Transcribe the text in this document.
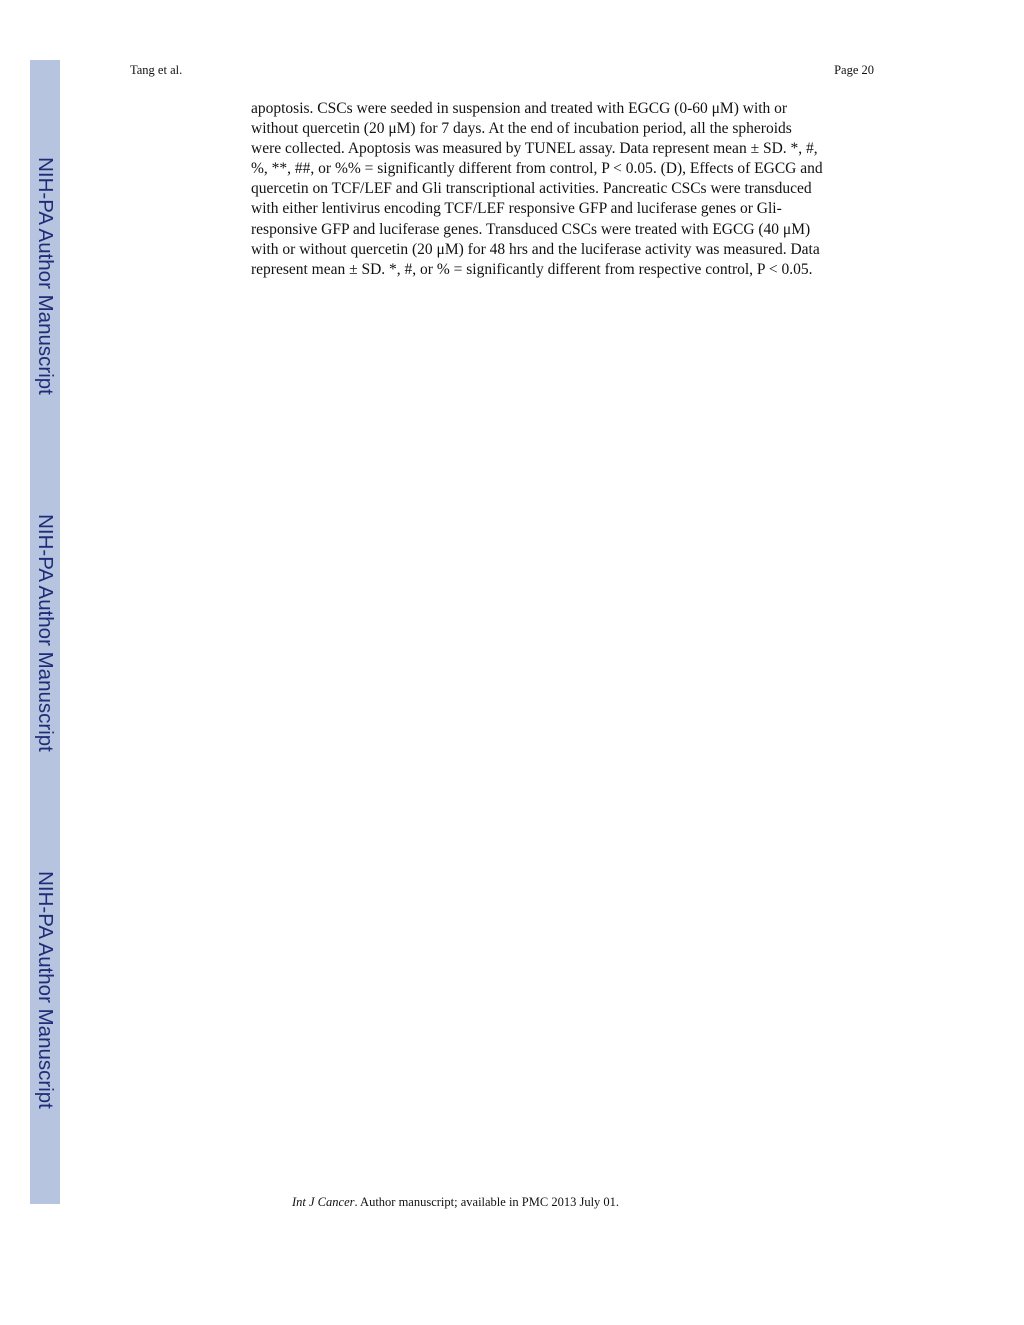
NIH-PA Author Manuscript
NIH-PA Author Manuscript
NIH-PA Author Manuscript
Tang et al.	Page 20
apoptosis. CSCs were seeded in suspension and treated with EGCG (0-60 μM) with or
without quercetin (20 μM) for 7 days. At the end of incubation period, all the spheroids
were collected. Apoptosis was measured by TUNEL assay. Data represent mean ± SD. *, #,
%, **, ##, or %% = significantly different from control, P < 0.05. (D), Effects of EGCG and
quercetin on TCF/LEF and Gli transcriptional activities. Pancreatic CSCs were transduced
with either lentivirus encoding TCF/LEF responsive GFP and luciferase genes or Gli-
responsive GFP and luciferase genes. Transduced CSCs were treated with EGCG (40 μM)
with or without quercetin (20 μM) for 48 hrs and the luciferase activity was measured. Data
represent mean ± SD. *, #, or % = significantly different from respective control, P < 0.05.
Int J Cancer. Author manuscript; available in PMC 2013 July 01.
